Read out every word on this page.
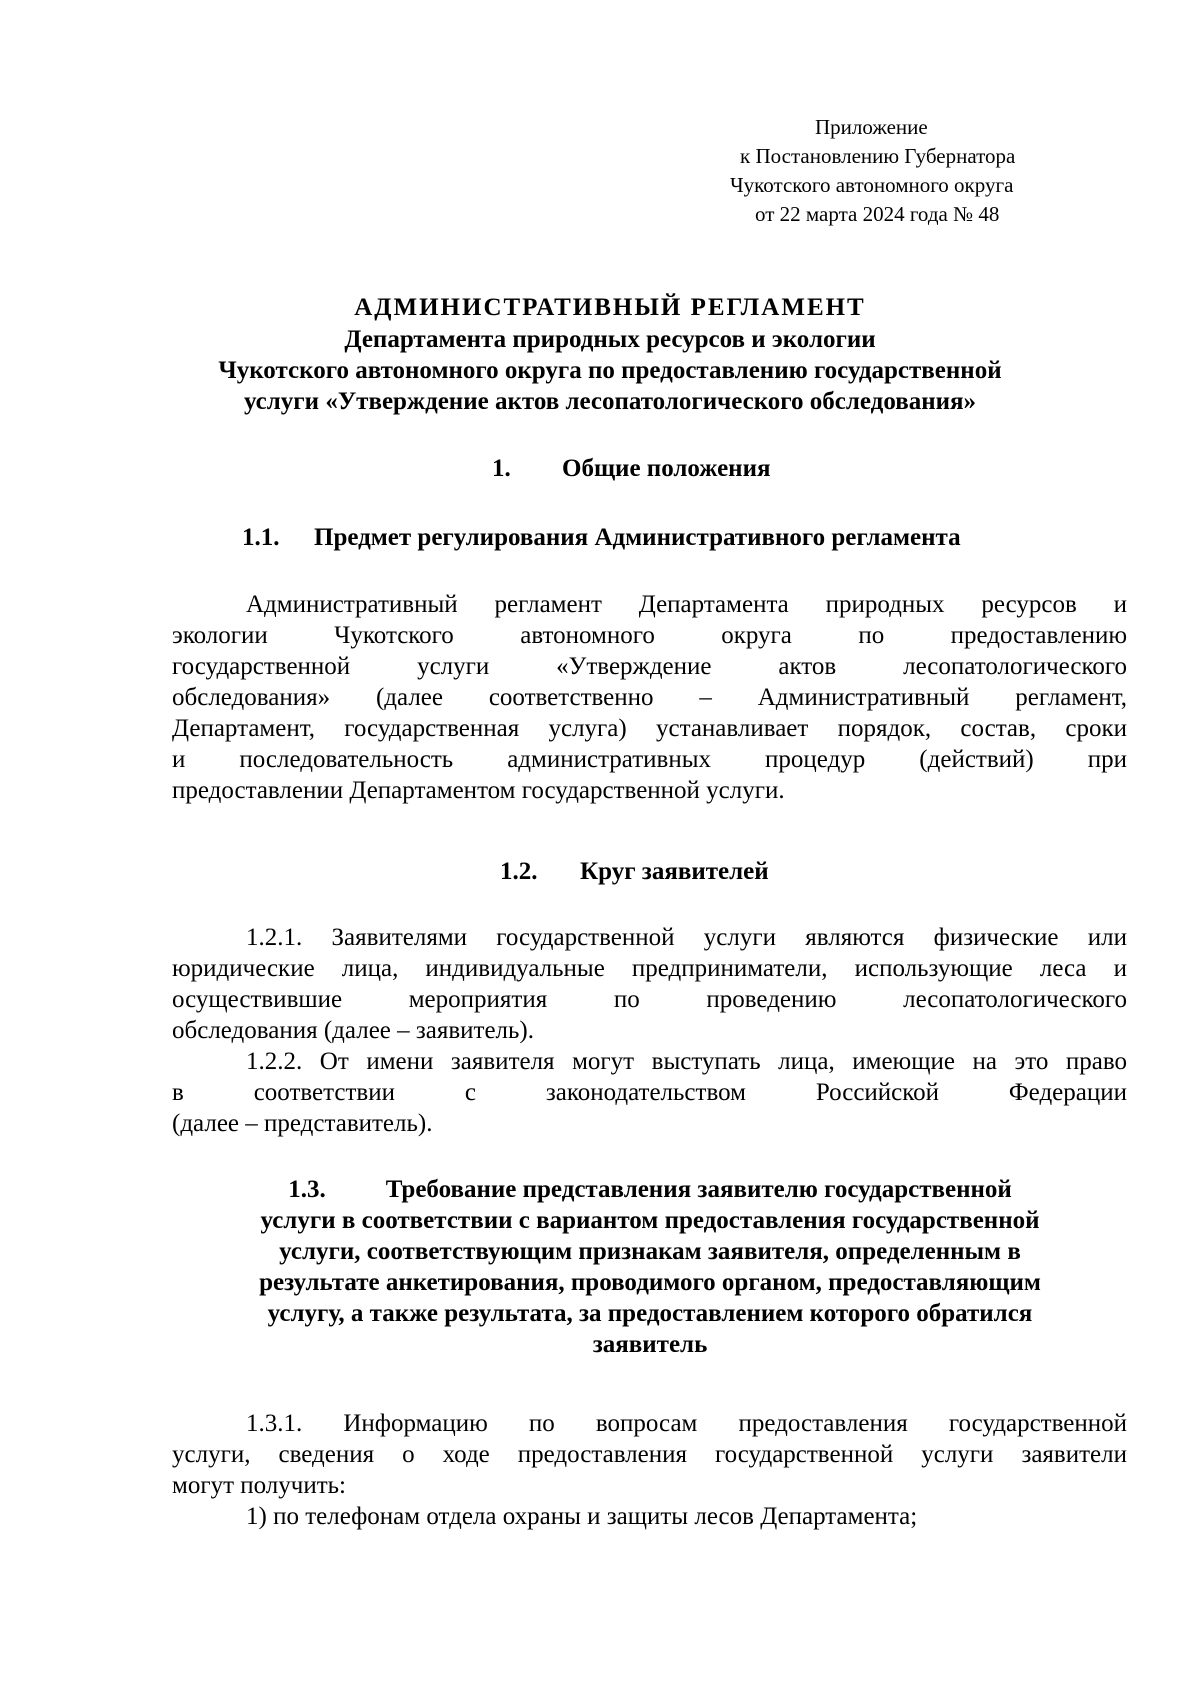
Приложение
к Постановлению Губернатора
Чукотского автономного округа
от 22 марта 2024 года № 48
АДМИНИСТРАТИВНЫЙ РЕГЛАМЕНТ
Департамента природных ресурсов и экологии
Чукотского автономного округа по предоставлению государственной
услуги «Утверждение актов лесопатологического обследования»
1. Общие положения
1.1. Предмет регулирования Административного регламента
Административный регламент Департамента природных ресурсов и
экологии Чукотского автономного округа по предоставлению
государственной услуги «Утверждение актов лесопатологического
обследования» (далее соответственно – Административный регламент,
Департамент, государственная услуга) устанавливает порядок, состав, сроки
и последовательность административных процедур (действий) при
предоставлении Департаментом государственной услуги.
1.2. Круг заявителей
1.2.1. Заявителями государственной услуги являются физические или
юридические лица, индивидуальные предприниматели, использующие леса и
осуществившие мероприятия по проведению лесопатологического
обследования (далее – заявитель).
1.2.2. От имени заявителя могут выступать лица, имеющие на это право
в соответствии с законодательством Российской Федерации
(далее – представитель).
1.3. Требование представления заявителю государственной
услуги в соответствии с вариантом предоставления государственной
услуги, соответствующим признакам заявителя, определенным в
результате анкетирования, проводимого органом, предоставляющим
услугу, а также результата, за предоставлением которого обратился
заявитель
1.3.1. Информацию по вопросам предоставления государственной
услуги, сведения о ходе предоставления государственной услуги заявители
могут получить:
1) по телефонам отдела охраны и защиты лесов Департамента;
